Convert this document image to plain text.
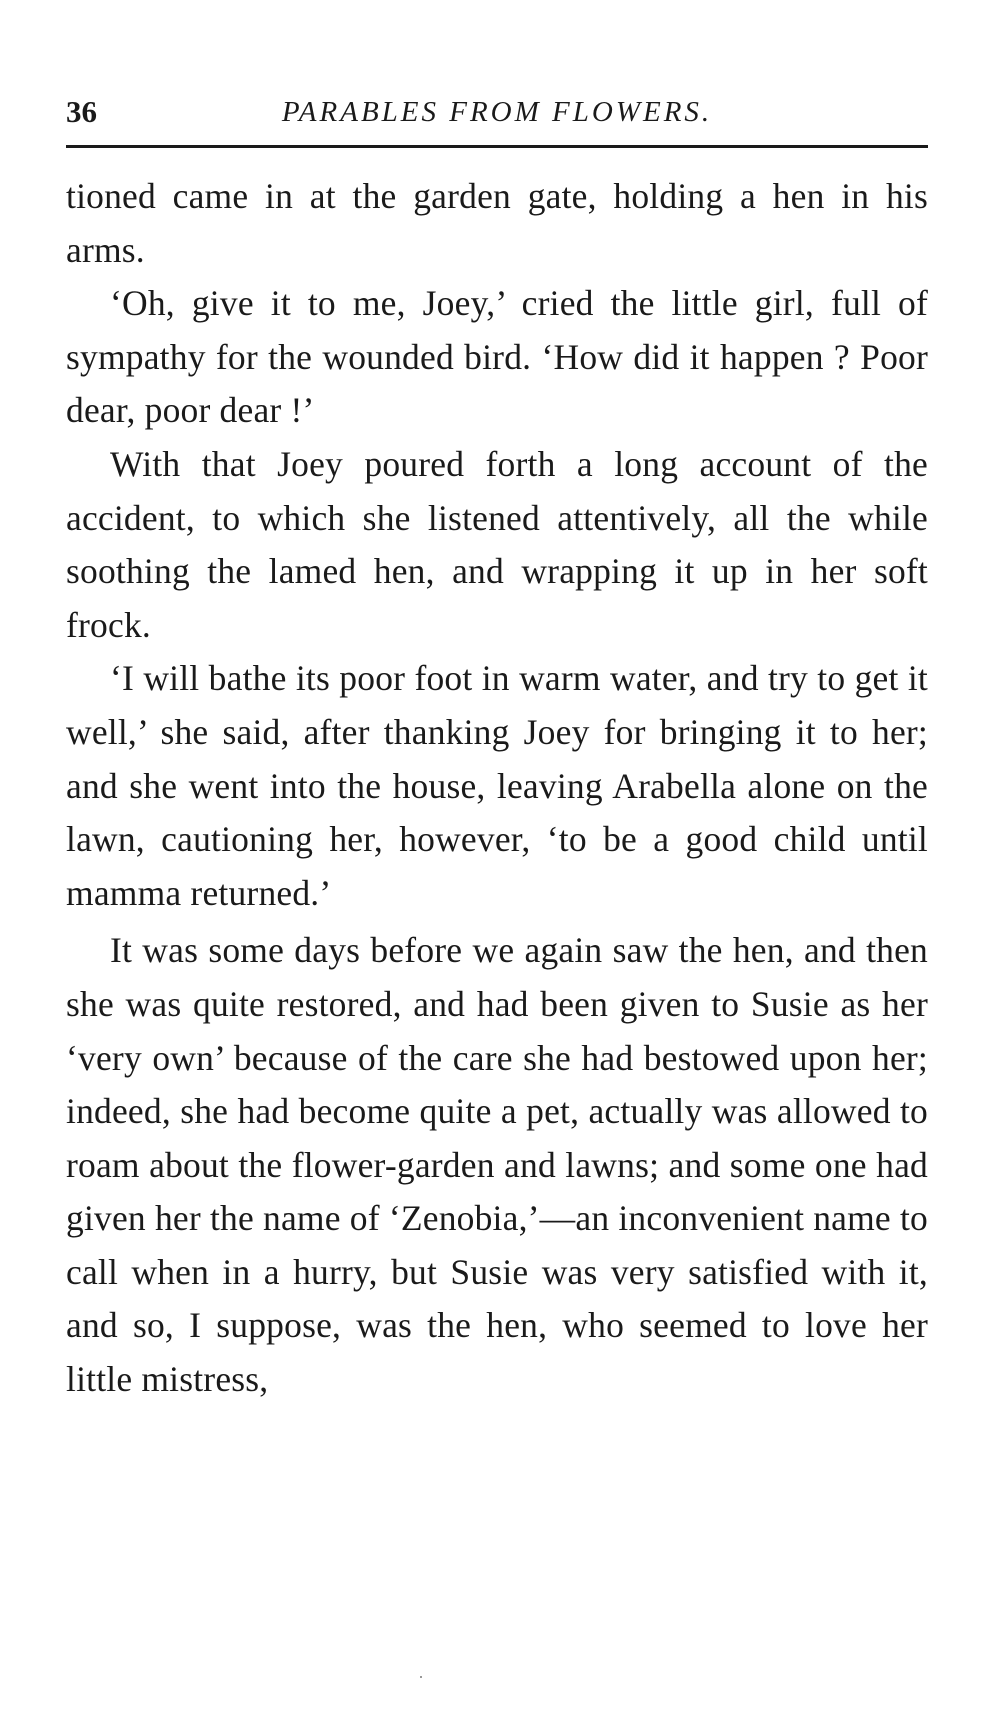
36	PARABLES FROM FLOWERS.

tioned came in at the garden gate, holding a hen in his arms.

‘Oh, give it to me, Joey,’ cried the little girl, full of sympathy for the wounded bird. ‘How did it happen ? Poor dear, poor dear !’

With that Joey poured forth a long account of the accident, to which she listened attentively, all the while soothing the lamed hen, and wrapping it up in her soft frock.

‘I will bathe its poor foot in warm water, and try to get it well,’ she said, after thanking Joey for bringing it to her; and she went into the house, leaving Arabella alone on the lawn, cautioning her, however, ‘to be a good child until mamma returned.’

It was some days before we again saw the hen, and then she was quite restored, and had been given to Susie as her ‘very own’ because of the care she had bestowed upon her; indeed, she had become quite a pet, actually was allowed to roam about the flower-garden and lawns; and some one had given her the name of ‘Zenobia,’—an inconvenient name to call when in a hurry, but Susie was very satisfied with it, and so, I suppose, was the hen, who seemed to love her little mistress,
